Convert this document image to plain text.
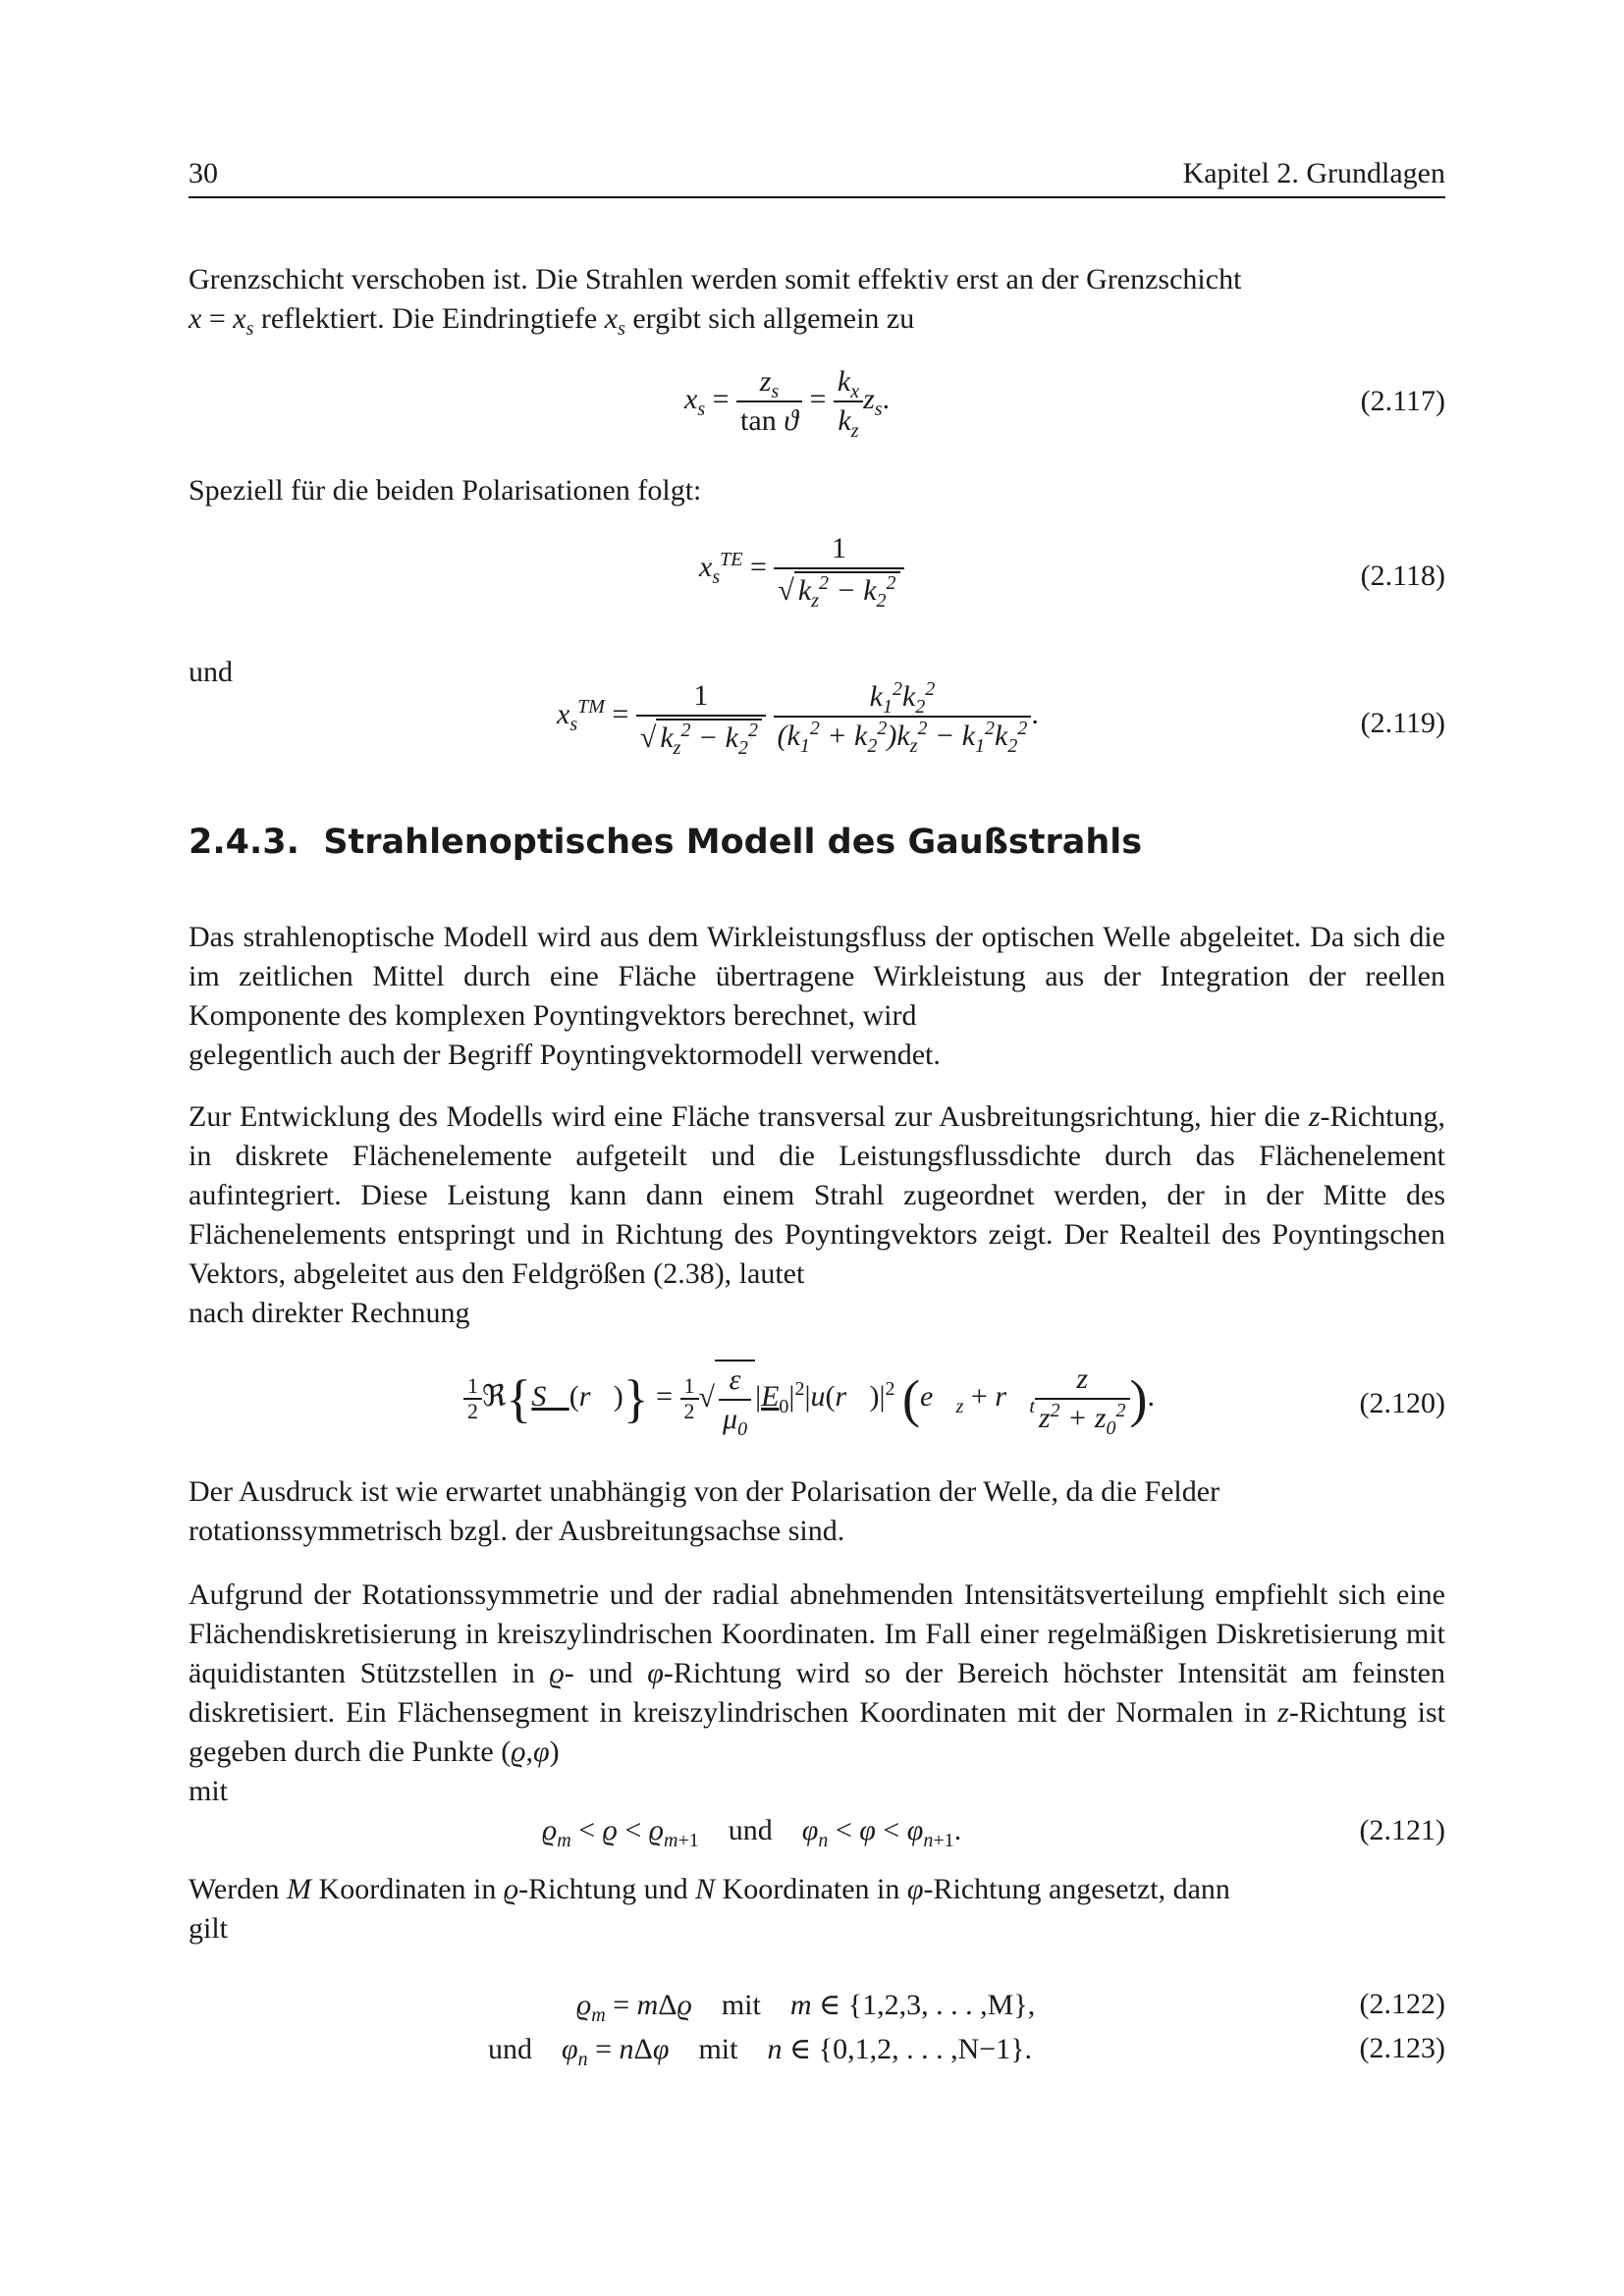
30	Kapitel 2. Grundlagen
Grenzschicht verschoben ist. Die Strahlen werden somit effektiv erst an der Grenzschicht
$x = x_s$ reflektiert. Die Eindringtiefe $x_s$ ergibt sich allgemein zu
$x_s = \frac{z_s}{\text{tan ϑ}} = \frac{k_x}{k_z} z_s$.	(2.117)
Speziell für die beiden Polarisationen folgt:
$x_s^{TE} = \frac{1}{√ k_z^2 - k_2^2}$	(2.118)
und
$x_s™ = \frac{1}{√ k_z^2 - k_2^2}$
$\frac{k_1^2k_2^2}{(k_1^2 + k_2^2)k_z^2 - k_1^2k_2^2}$ .	(2.119)
2.4.3. Strahlenoptisches Modell des Gaußstrahls
Das strahlenoptische Modell wird aus dem Wirkleistungsfluss der optischen Welle abgeleitet. Da sich die im zeitlichen Mittel durch eine Fläche übertragene Wirkleistung aus der Integration der reellen Komponente des komplexen Poyntingvektors berechnet, wird
gelegentlich auch der Begriff Poyntingvektormodell verwendet.
Zur Entwicklung des Modells wird eine Fläche transversal zur Ausbreitungsrichtung, hier die z-Richtung, in diskrete Flächenelemente aufgeteilt und die Leistungsflussdichte durch das Flächenelement aufintegriert. Diese Leistung kann dann einem Strahl zugeordnet werden, der in der Mitte des Flächenelements entspringt und in Richtung des Poyntingvektors zeigt. Der Realteil des Poyntingschen Vektors, abgeleitet aus den Feldgrößen (2.38), lautet
nach direkter Rechnung
$\frac{1}{2}$ ℜ{S⃗(r⃗)} = $\frac{1}{2}$ √ $\frac{\varepsilon}{\mu_0}$ $|E_0|^2|u(r⃗)|^2$ ($e⃗_z$ + $r⃗_t \frac{z}{z^2 + z_0^2}$ ).	(2.120)
Der Ausdruck ist wie erwartet unabhängig von der Polarisation der Welle, da die Felder
rotationssymmetrisch bzgl. der Ausbreitungsachse sind.
Aufgrund der Rotationssymmetrie und der radial abnehmenden Intensitätsverteilung empfiehlt sich eine Flächendiskretisierung in kreiszylindrischen Koordinaten. Im Fall einer regelmäßigen Diskretisierung mit äquidistanten Stützstellen in ϱ- und φ-Richtung wird so der Bereich höchster Intensität am feinsten diskretisiert. Ein Flächensegment in kreiszylindrischen Koordinaten mit der Normalen in z-Richtung ist gegeben durch die Punkte (ϱ,φ)
mit
$ϱ_m < ϱ < ϱ_{m+1}$ und $\varphi_n < \varphi < \varphi_{n+1}$.	(2.121)
Werden M Koordinaten in ϱ-Richtung und N Koordinaten in φ-Richtung angesetzt, dann
gilt
$ϱ_m = m\Delta ϱ$ mit m ∈ {1,2,3, . . . ,M},	(2.122)
und $\varphi_n = n\Delta\varphi$ mit n ∈ {0,1,2, . . . ,N−1}.	(2.123)
